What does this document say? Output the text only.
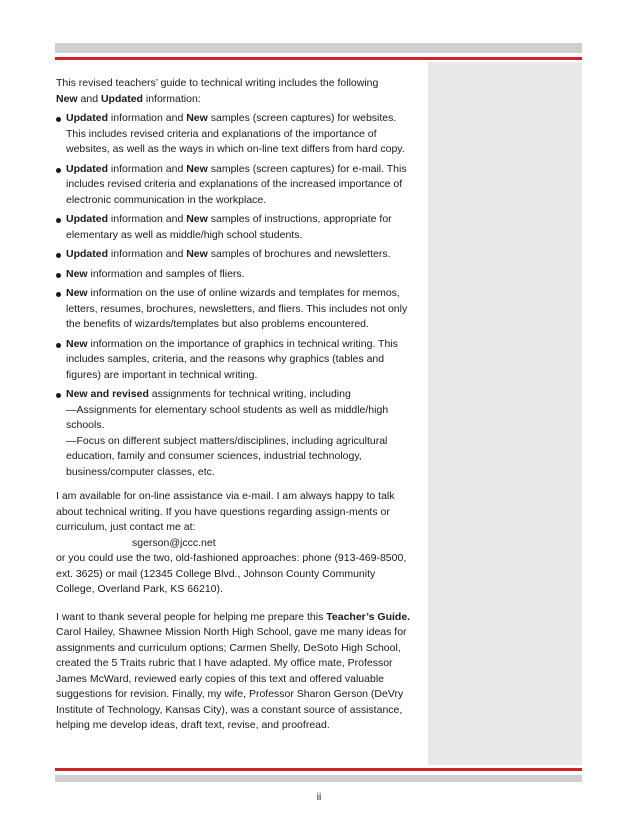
This revised teachers’ guide to technical writing includes the following
New and Updated information:

Updated information and New samples (screen captures) for websites. This includes revised criteria and explanations of the importance of websites, as well as the ways in which on-line text differs from hard copy.
Updated information and New samples (screen captures) for e-mail. This includes revised criteria and explanations of the increased importance of electronic communication in the workplace.
Updated information and New samples of instructions, appropriate for elementary as well as middle/high school students.
Updated information and New samples of brochures and newsletters.
New information and samples of fliers.
New information on the use of online wizards and templates for memos, letters, resumes, brochures, newsletters, and fliers. This includes not only the benefits of wizards/templates but also problems encountered.
New information on the importance of graphics in technical writing. This includes samples, criteria, and the reasons why graphics (tables and figures) are important in technical writing.
New and revised assignments for technical writing, including
—Assignments for elementary school students as well as middle/high schools.
—Focus on different subject matters/disciplines, including agricultural education, family and consumer sciences, industrial technology, business/computer classes, etc.

I am available for on-line assistance via e-mail. I am always happy to talk about technical writing. If you have questions regarding assign-ments or curriculum, just contact me at:
sgerson@jccc.net
or you could use the two, old-fashioned approaches: phone (913-469-8500, ext. 3625) or mail (12345 College Blvd., Johnson County Community College, Overland Park, KS 66210).

I want to thank several people for helping me prepare this Teacher’s Guide. Carol Hailey, Shawnee Mission North High School, gave me many ideas for assignments and curriculum options; Carmen Shelly, DeSoto High School, created the 5 Traits rubric that I have adapted. My office mate, Professor James McWard, reviewed early copies of this text and offered valuable suggestions for revision. Finally, my wife, Professor Sharon Gerson (DeVry Institute of Technology, Kansas City), was a constant source of assistance, helping me develop ideas, draft text, revise, and proofread.

ii
